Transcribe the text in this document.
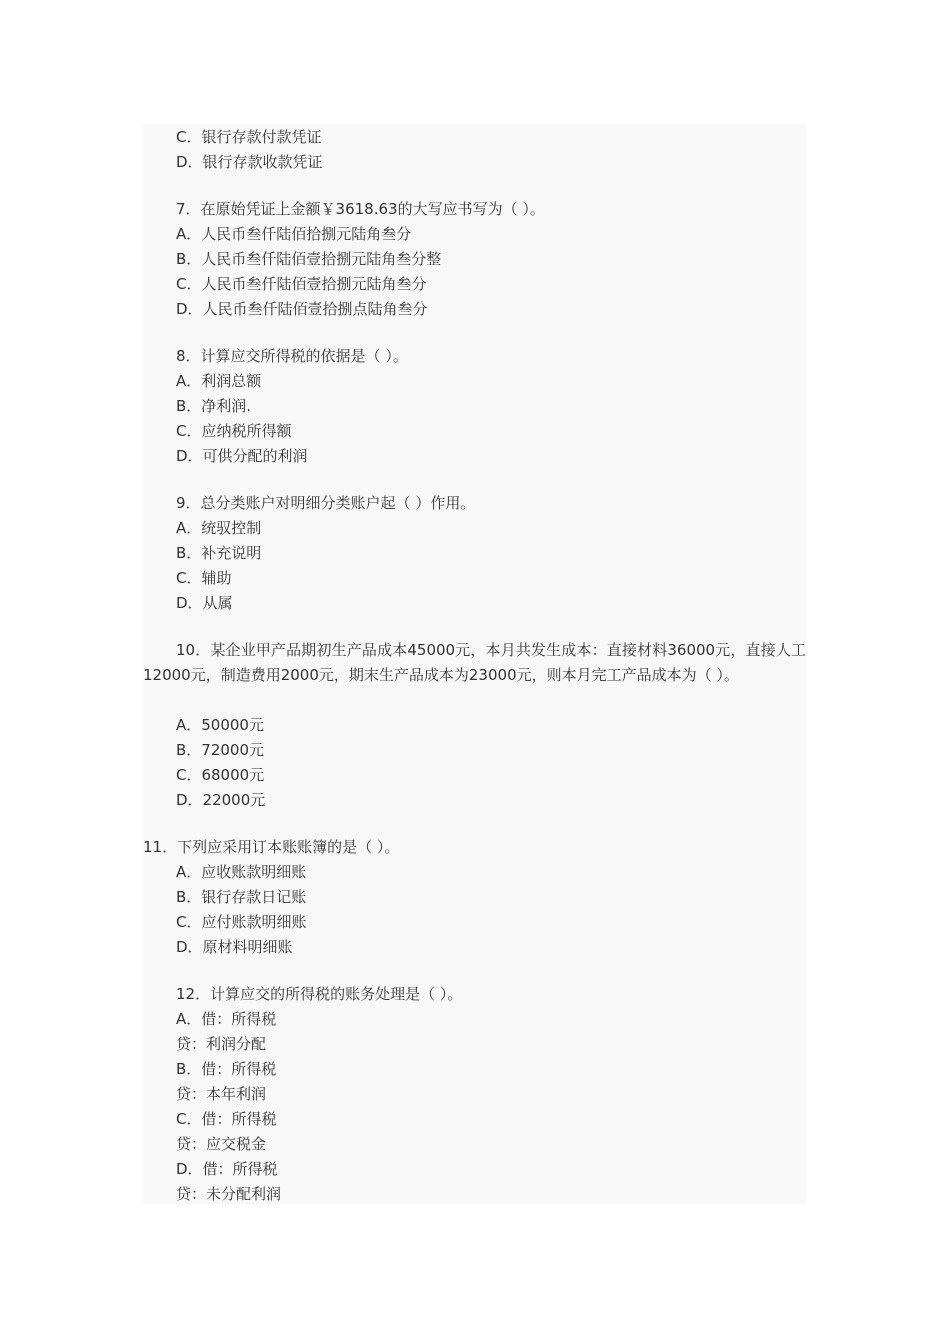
C．银行存款付款凭证
D．银行存款收款凭证
7．在原始凭证上金额￥3618.63的大写应书写为（ ）。
A．人民币叁仟陆佰拾捌元陆角叁分
B．人民币叁仟陆佰壹拾捌元陆角叁分整
C．人民币叁仟陆佰壹拾捌元陆角叁分
D．人民币叁仟陆佰壹拾捌点陆角叁分
8．计算应交所得税的依据是（ ）。
A．利润总额
B．净利润.
C．应纳税所得额
D．可供分配的利润
9．总分类账户对明细分类账户起（ ）作用。
A．统驭控制
B．补充说明
C．辅助
D．从属
10．某企业甲产品期初生产品成本45000元，本月共发生成本：直接材料36000元，直接人工12000元，制造费用2000元，期末生产品成本为23000元，则本月完工产品成本为（ ）。
A．50000元
B．72000元
C．68000元
D．22000元
11．下列应采用订本账账簿的是（ ）。
A．应收账款明细账
B．银行存款日记账
C．应付账款明细账
D．原材料明细账
12．计算应交的所得税的账务处理是（ ）。
A．借：所得税
贷：利润分配
B．借：所得税
贷：本年利润
C．借：所得税
贷：应交税金
D．借：所得税
贷：未分配利润
